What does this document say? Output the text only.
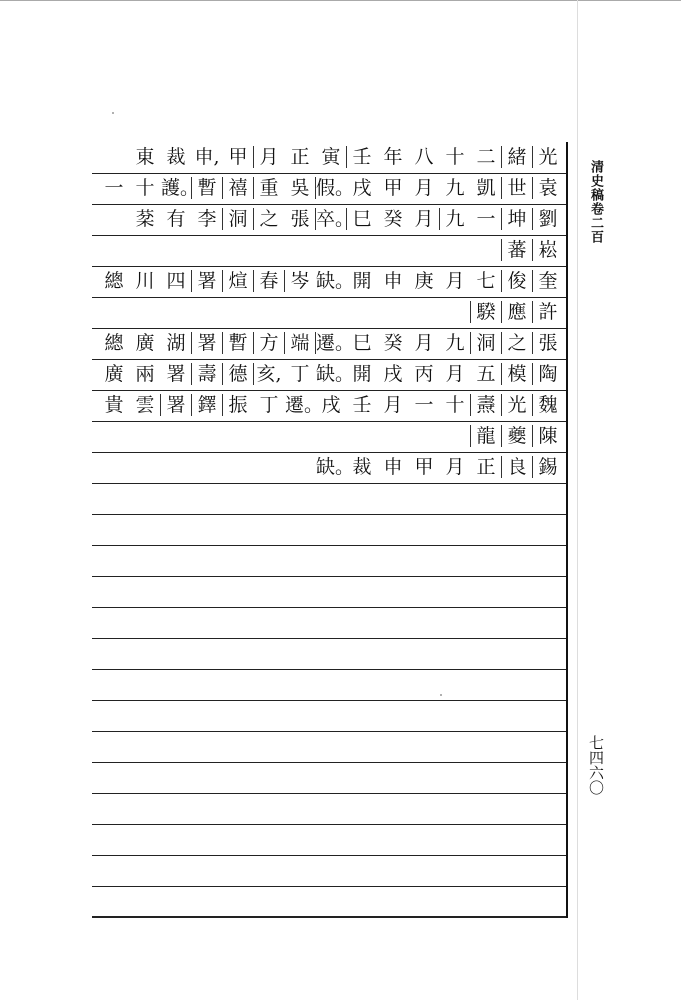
光
緒
二
十
八
年
壬
寅
正
月
甲
申,
裁
東
袁
世
凱
九
月
甲
戌
假。
吳
重
禧
暫
護。
十
一
劉
坤
一
九
月
癸
巳
卒。
張
之
洞
李
有
棻
崧
蕃
奎
俊
七
月
庚
申
開
缺。
岑
春
煊
署
四
川
總
許
應
騤
張
之
洞
九
月
癸
巳
遷。
端
方
暫
署
湖
廣
總
陶
模
五
月
丙
戌
開
缺。
丁
亥,
德
壽
署
兩
廣
魏
光
燾
十
一
月
壬
戌
遷。
丁
振
鐸
署
雲
貴
陳
夔
龍
錫
良
正
月
甲
申
裁
缺。
清史稿卷二百
七四六〇
